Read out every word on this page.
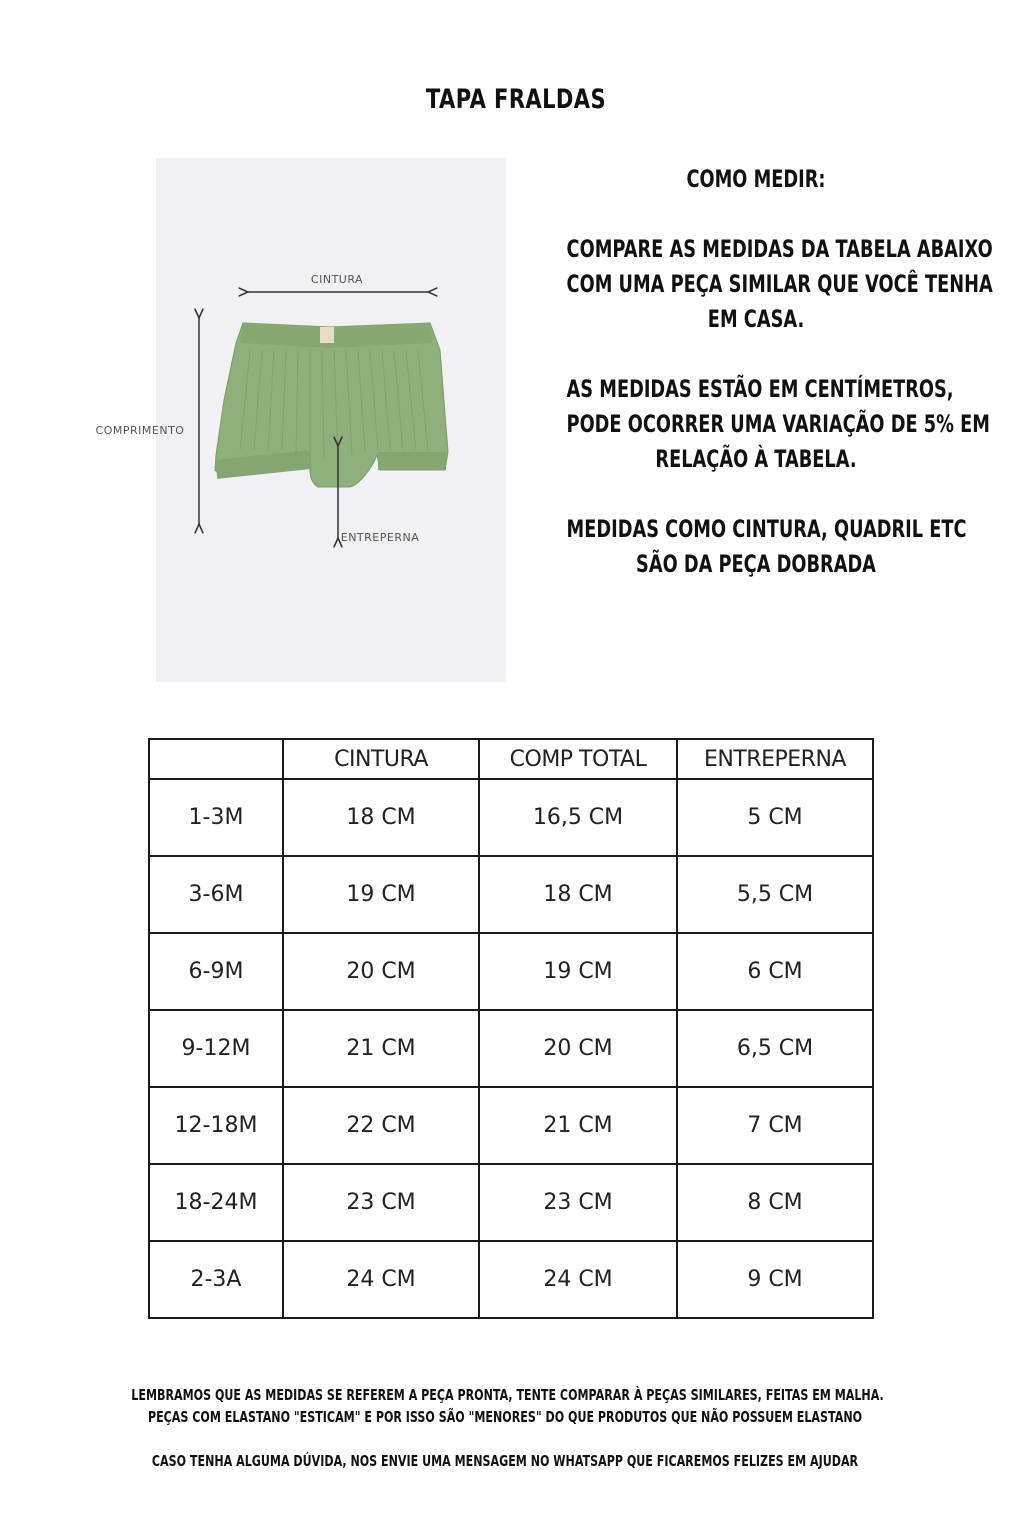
TAPA FRALDAS
CINTURA
COMPRIMENTO
ENTREPERNA

COMO MEDIR:

COMPARE AS MEDIDAS DA TABELA ABAIXO

COM UMA PEÇA SIMILAR QUE VOCÊ TENHA

EM CASA.

AS MEDIDAS ESTÃO EM CENTÍMETROS,

PODE OCORRER UMA VARIAÇÃO DE 5% EM

RELAÇÃO À TABELA.

MEDIDAS COMO CINTURA, QUADRIL ETC

SÃO DA PEÇA DOBRADA

	CINTURA	COMP TOTAL	ENTREPERNA
1-3M	18 CM	16,5 CM	5 CM
3-6M	19 CM	18 CM	5,5 CM
6-9M	20 CM	19 CM	6 CM
9-12M	21 CM	20 CM	6,5 CM
12-18M	22 CM	21 CM	7 CM
18-24M	23 CM	23 CM	8 CM
2-3A	24 CM	24 CM	9 CM

LEMBRAMOS QUE AS MEDIDAS SE REFEREM A PEÇA PRONTA, TENTE COMPARAR À PEÇAS SIMILARES, FEITAS EM MALHA.

PEÇAS COM ELASTANO "ESTICAM" E POR ISSO SÃO "MENORES" DO QUE PRODUTOS QUE NÃO POSSUEM ELASTANO

CASO TENHA ALGUMA DÚVIDA, NOS ENVIE UMA MENSAGEM NO WHATSAPP QUE FICAREMOS FELIZES EM AJUDAR
